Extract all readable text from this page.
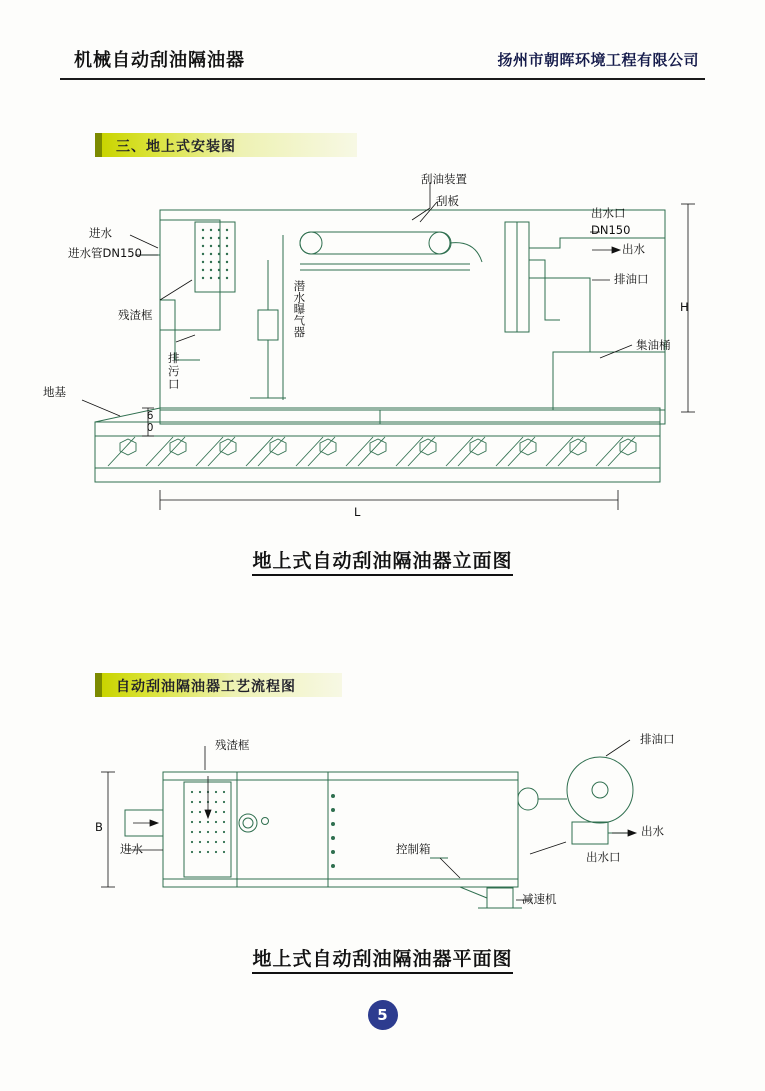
机械自动刮油隔油器	扬州市朝晖环境工程有限公司
三、地上式安装图
刮油装置
刮板
进水
进水管DN150
残渣框
排污口
潜水曝气器
出水口
DN150
出水
排油口
集油桶
地基
60
L
H
地上式自动刮油隔油器立面图
自动刮油隔油器工艺流程图
残渣框	排油口
进水
B
控制箱
减速机
出水
出水口
地上式自动刮油隔油器平面图
5
